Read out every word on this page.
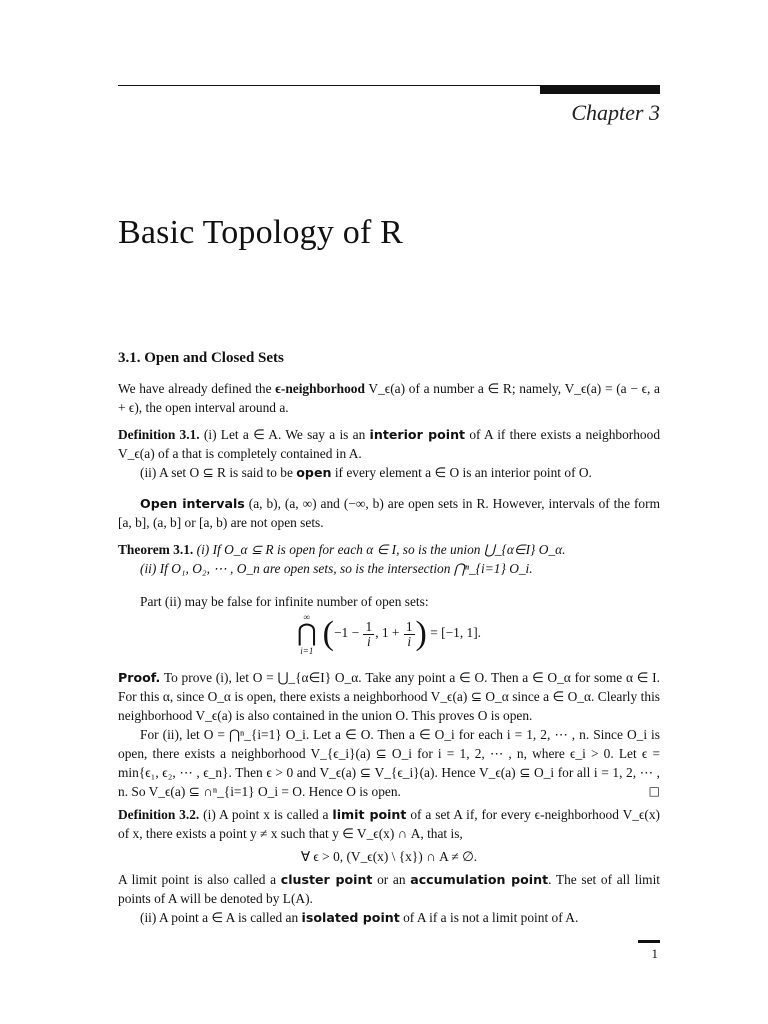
Chapter 3
Basic Topology of R
3.1. Open and Closed Sets

We have already defined the ϵ-neighborhood V_ϵ(a) of a number a ∈ R; namely, V_ϵ(a) = (a − ϵ, a + ϵ), the open interval around a.

Definition 3.1. (i) Let a ∈ A. We say a is an interior point of A if there exists a neighborhood V_ϵ(a) of a that is completely contained in A.

(ii) A set O ⊆ R is said to be open if every element a ∈ O is an interior point of O.

Open intervals (a, b), (a, ∞) and (−∞, b) are open sets in R. However, intervals of the form [a, b], (a, b] or [a, b) are not open sets.

Theorem 3.1. (i) If O_α ⊆ R is open for each α ∈ I, so is the union ⋃_{α∈I} O_α.

(ii) If O₁, O₂, ⋯ , O_n are open sets, so is the intersection ⋂ⁿ_{i=1} O_i.

Part (ii) may be false for infinite number of open sets:

∞
⋂
i=1 ($-1 - \frac{1}{i}$ , $1 + \frac{1}{i}$ ) = [−1, 1].

Proof. To prove (i), let O = ⋃_{α∈I} O_α. Take any point a ∈ O. Then a ∈ O_α for some α ∈ I. For this α, since O_α is open, there exists a neighborhood V_ϵ(a) ⊆ O_α since a ∈ O_α. Clearly this neighborhood V_ϵ(a) is also contained in the union O. This proves O is open.

For (ii), let O = ⋂ⁿ_{i=1} O_i. Let a ∈ O. Then a ∈ O_i for each i = 1, 2, ⋯ , n. Since O_i is open, there exists a neighborhood V_{ϵ_i}(a) ⊆ O_i for i = 1, 2, ⋯ , n, where ϵ_i > 0. Let ϵ = min{ϵ₁, ϵ₂, ⋯ , ϵ_n}. Then ϵ > 0 and V_ϵ(a) ⊆ V_{ϵ_i}(a). Hence V_ϵ(a) ⊆ O_i for all i = 1, 2, ⋯ , n. So V_ϵ(a) ⊆ ∩ⁿ_{i=1} O_i = O. Hence O is open.	□

Definition 3.2. (i) A point x is called a limit point of a set A if, for every ϵ-neighborhood V_ϵ(x) of x, there exists a point y ≠ x such that y ∈ V_ϵ(x) ∩ A, that is,

∀ ϵ > 0, (V_ϵ(x) \ {x}) ∩ A ≠ ∅.

A limit point is also called a cluster point or an accumulation point. The set of all limit points of A will be denoted by L(A).

(ii) A point a ∈ A is called an isolated point of A if a is not a limit point of A.

1
